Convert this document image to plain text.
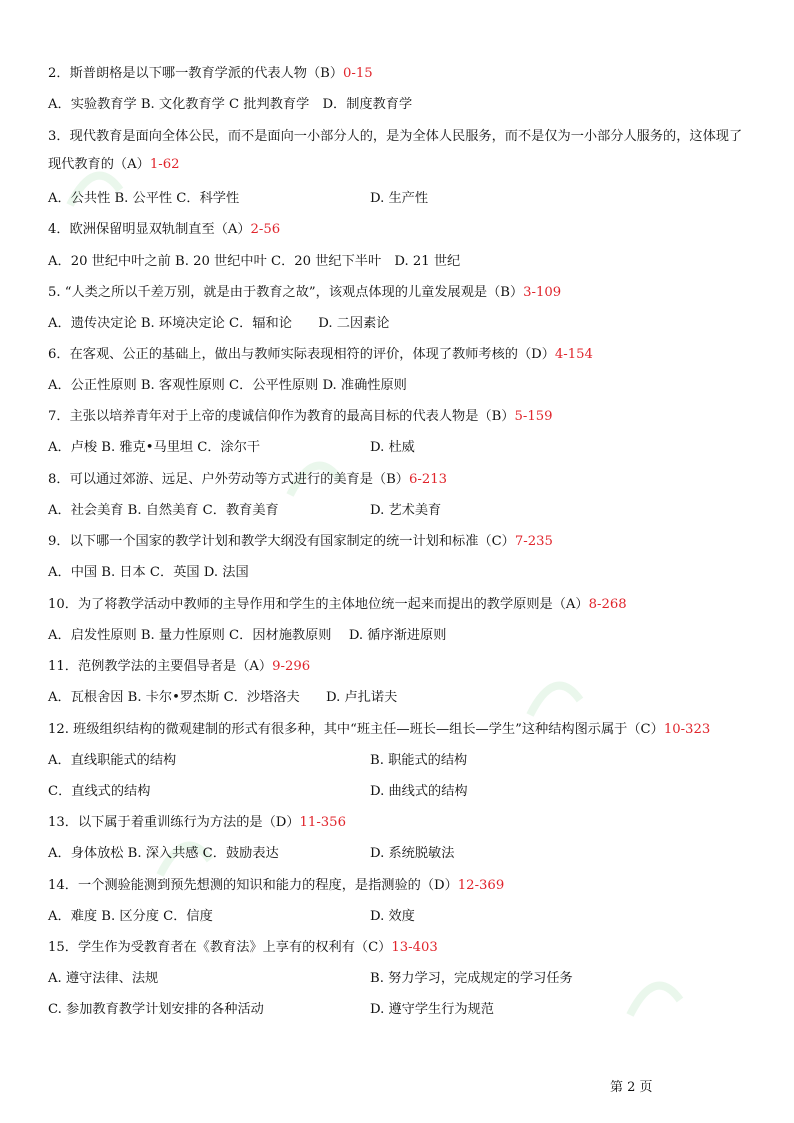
2．斯普朗格是以下哪一教育学派的代表人物（B）0-15
A．实验教育学 B. 文化教育学 C 批判教育学　D．制度教育学
3．现代教育是面向全体公民，而不是面向一小部分人的，是为全体人民服务，而不是仅为一小部分人服务的，这体现了现代教育的（A）1-62
A．公共性 B. 公平性 C．科学性	D. 生产性
4．欧洲保留明显双轨制直至（A）2-56
A．20 世纪中叶之前 B. 20 世纪中叶 C．20 世纪下半叶　D. 21 世纪
5. “人类之所以千差万别，就是由于教育之故”，该观点体现的儿童发展观是（B）3-109
A．遗传决定论 B. 环境决定论 C．辐和论　　D. 二因素论
6．在客观、公正的基础上，做出与教师实际表现相符的评价，体现了教师考核的（D）4-154
A．公正性原则 B. 客观性原则 C．公平性原则 D. 准确性原则
7．主张以培养青年对于上帝的虔诚信仰作为教育的最高目标的代表人物是（B）5-159
A．卢梭 B. 雅克•马里坦 C．涂尔干	D. 杜威
8．可以通过郊游、远足、户外劳动等方式进行的美育是（B）6-213
A．社会美育 B. 自然美育 C．教育美育	D. 艺术美育
9．以下哪一个国家的教学计划和教学大纲没有国家制定的统一计划和标准（C）7-235
A．中国 B. 日本 C．英国 D. 法国
10．为了将教学活动中教师的主导作用和学生的主体地位统一起来而提出的教学原则是（A）8-268
A．启发性原则 B. 量力性原则 C．因材施教原则　 D. 循序渐进原则
11．范例教学法的主要倡导者是（A）9-296
A．瓦根舍因 B. 卡尔•罗杰斯 C．沙塔洛夫　　D. 卢扎诺夫
12. 班级组织结构的微观建制的形式有很多种，其中“班主任—班长—组长—学生”这种结构图示属于（C）10-323
A．直线职能式的结构	B. 职能式的结构
C．直线式的结构	D. 曲线式的结构
13．以下属于着重训练行为方法的是（D）11-356
A．身体放松 B. 深入共感 C．鼓励表达	D. 系统脱敏法
14．一个测验能测到预先想测的知识和能力的程度，是指测验的（D）12-369
A．难度 B. 区分度 C．信度	D. 效度
15．学生作为受教育者在《教育法》上享有的权利有（C）13-403
A. 遵守法律、法规	B. 努力学习，完成规定的学习任务
C. 参加教育教学计划安排的各种活动	D. 遵守学生行为规范
第 2 页
